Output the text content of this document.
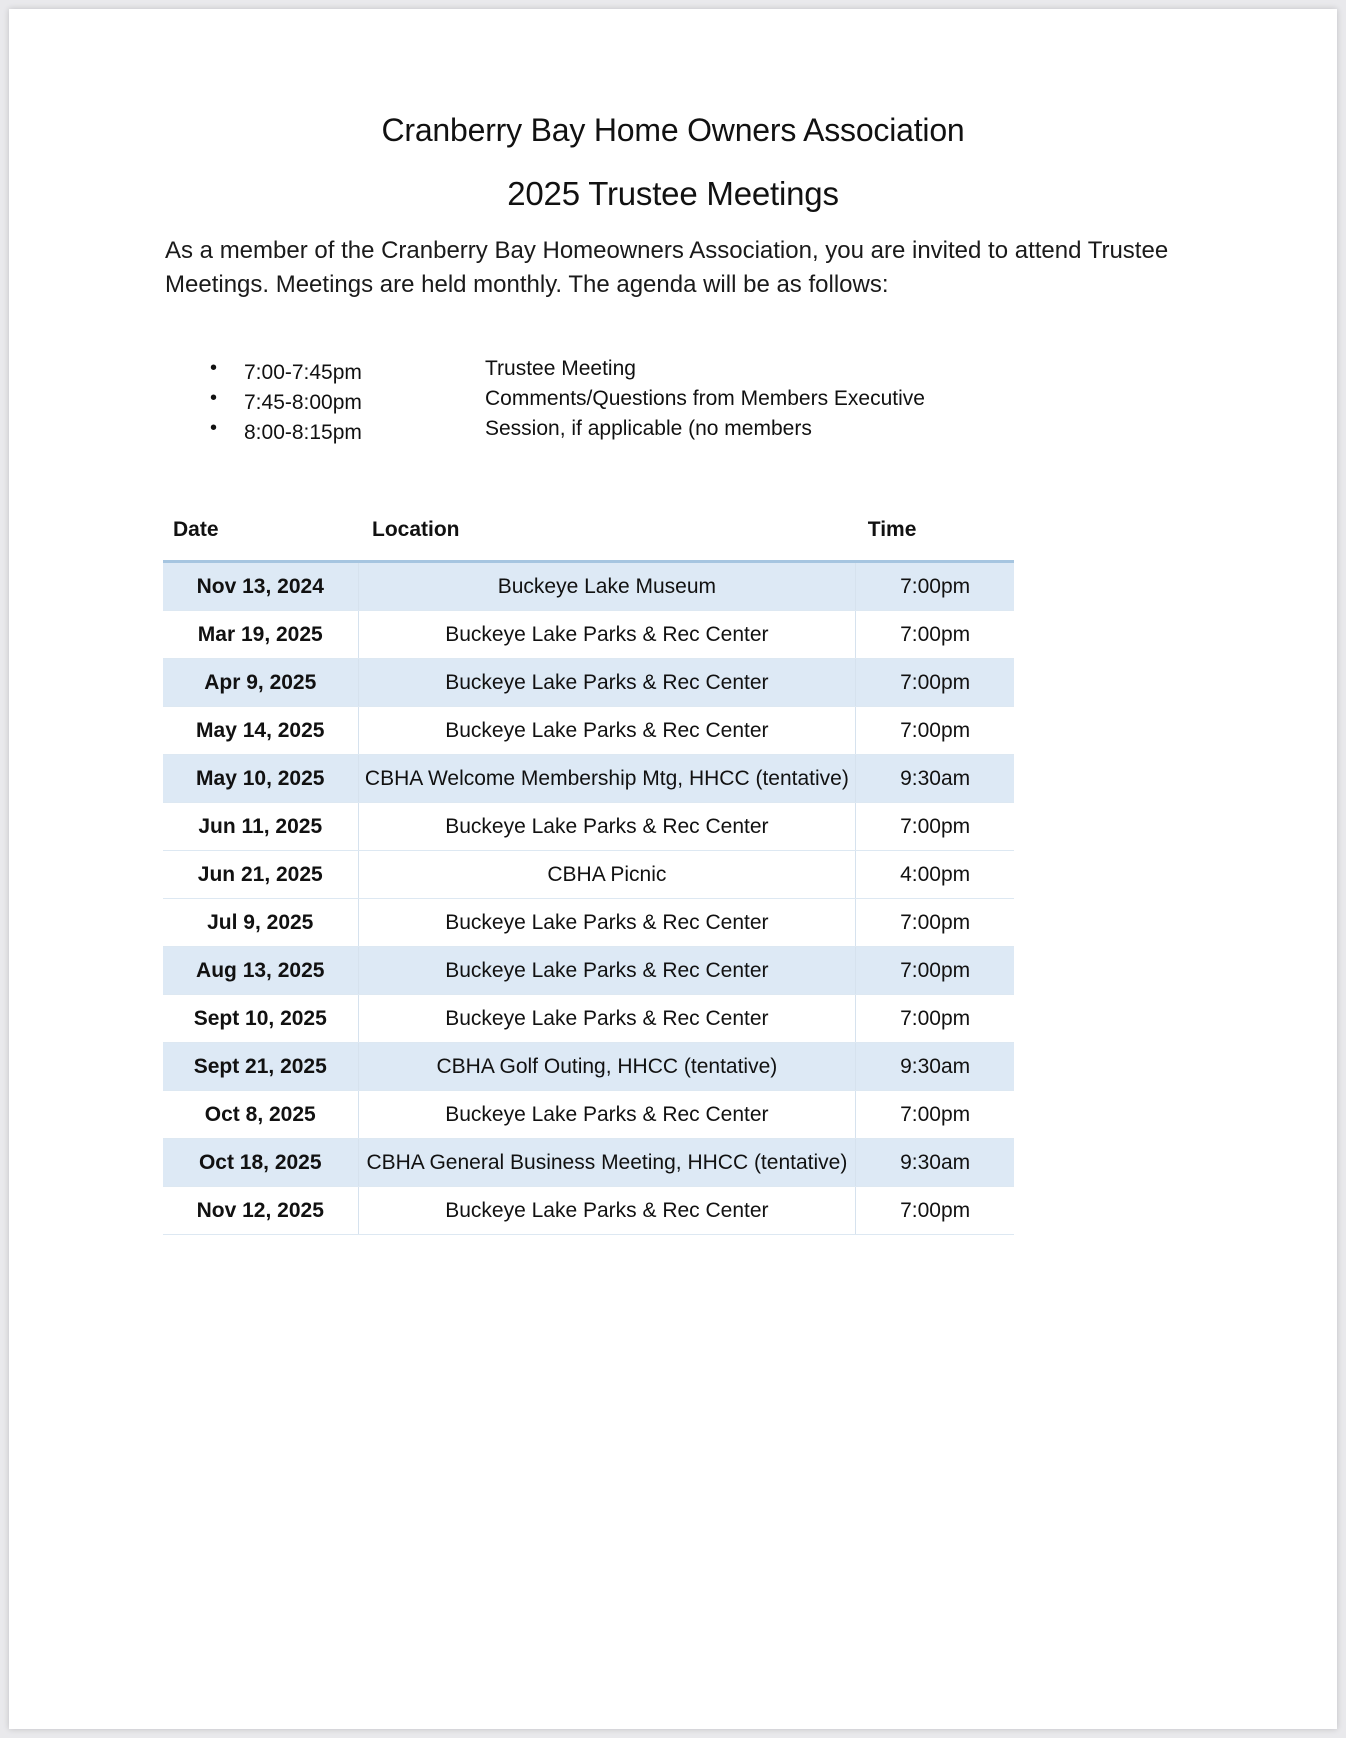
Cranberry Bay Home Owners Association
2025 Trustee Meetings
As a member of the Cranberry Bay Homeowners Association, you are invited to attend Trustee Meetings. Meetings are held monthly. The agenda will be as follows:
• 7:00-7:45pm	Trustee Meeting
• 7:45-8:00pm	Comments/Questions from Members Executive
• 8:00-8:15pm	Session, if applicable (no members
Date	Location	Time
Nov 13, 2024	Buckeye Lake Museum	7:00pm
Mar 19, 2025	Buckeye Lake Parks & Rec Center	7:00pm
Apr 9, 2025	Buckeye Lake Parks & Rec Center	7:00pm
May 14, 2025	Buckeye Lake Parks & Rec Center	7:00pm
May 10, 2025	CBHA Welcome Membership Mtg, HHCC (tentative)	9:30am
Jun 11, 2025	Buckeye Lake Parks & Rec Center	7:00pm
Jun 21, 2025	CBHA Picnic	4:00pm
Jul 9, 2025	Buckeye Lake Parks & Rec Center	7:00pm
Aug 13, 2025	Buckeye Lake Parks & Rec Center	7:00pm
Sept 10, 2025	Buckeye Lake Parks & Rec Center	7:00pm
Sept 21, 2025	CBHA Golf Outing, HHCC (tentative)	9:30am
Oct 8, 2025	Buckeye Lake Parks & Rec Center	7:00pm
Oct 18, 2025	CBHA General Business Meeting, HHCC (tentative)	9:30am
Nov 12, 2025	Buckeye Lake Parks & Rec Center	7:00pm
